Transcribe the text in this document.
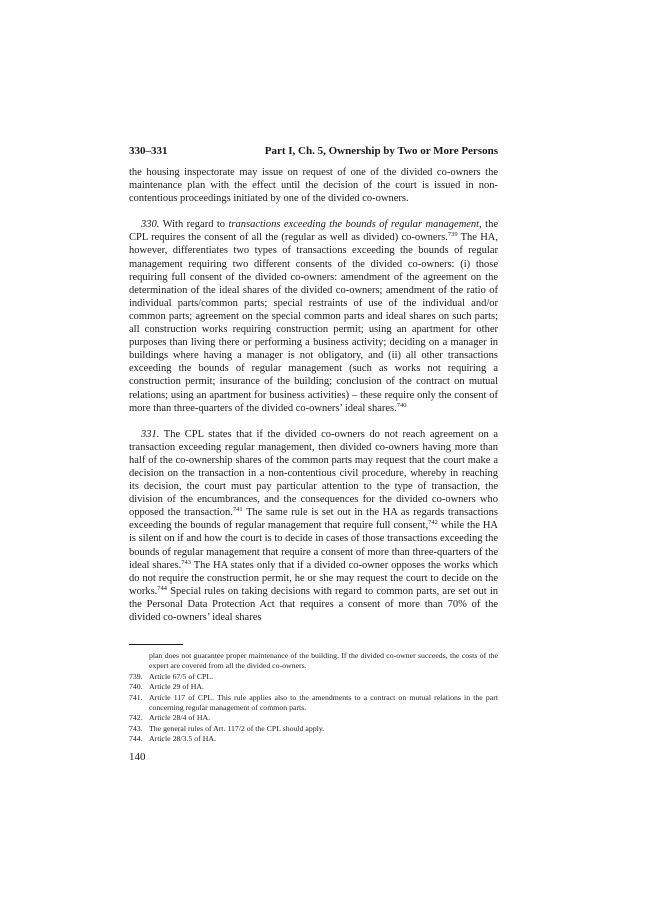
330–331	Part I, Ch. 5, Ownership by Two or More Persons

the housing inspectorate may issue on request of one of the divided co-owners the maintenance plan with the effect until the decision of the court is issued in non-contentious proceedings initiated by one of the divided co-owners.

330. With regard to transactions exceeding the bounds of regular management, the CPL requires the consent of all the (regular as well as divided) co-owners.$^{739}$ The HA, however, differentiates two types of transactions exceeding the bounds of regular management requiring two different consents of the divided co-owners: (i) those requiring full consent of the divided co-owners: amendment of the agreement on the determination of the ideal shares of the divided co-owners; amendment of the ratio of individual parts/common parts; special restraints of use of the individual and/or common parts; agreement on the special common parts and ideal shares on such parts; all construction works requiring construction permit; using an apartment for other purposes than living there or performing a business activity; deciding on a manager in buildings where having a manager is not obligatory, and (ii) all other transactions exceeding the bounds of regular management (such as works not requiring a construction permit; insurance of the building; conclusion of the contract on mutual relations; using an apartment for business activities) – these require only the consent of more than three-quarters of the divided co-owners’ ideal shares.$^{740}$

331. The CPL states that if the divided co-owners do not reach agreement on a transaction exceeding regular management, then divided co-owners having more than half of the co-ownership shares of the common parts may request that the court make a decision on the transaction in a non-contentious civil procedure, whereby in reaching its decision, the court must pay particular attention to the type of transaction, the division of the encumbrances, and the consequences for the divided co-owners who opposed the transaction.$^{741}$ The same rule is set out in the HA as regards transactions exceeding the bounds of regular management that require full consent,$^{742}$ while the HA is silent on if and how the court is to decide in cases of those transactions exceeding the bounds of regular management that require a consent of more than three-quarters of the ideal shares.$^{743}$ The HA states only that if a divided co-owner opposes the works which do not require the construction permit, he or she may request the court to decide on the works.$^{744}$ Special rules on taking decisions with regard to common parts, are set out in the Personal Data Protection Act that requires a consent of more than 70% of the divided co-owners’ ideal shares

plan does not guarantee proper maintenance of the building. If the divided co-owner succeeds, the costs of the expert are covered from all the divided co-owners.
739. Article 67/5 of CPL.
740. Article 29 of HA.
741. Article 117 of CPL. This rule applies also to the amendments to a contract on mutual relations in the part concerning regular management of common parts.
742. Article 28/4 of HA.
743. The general rules of Art. 117/2 of the CPL should apply.
744. Article 28/3.5 of HA.
140
